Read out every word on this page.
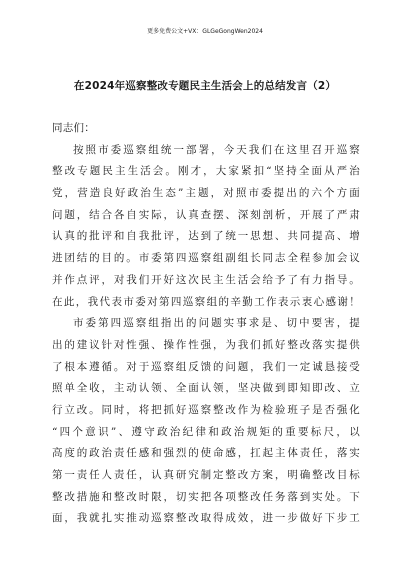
更多免费公文+VX：GLGeGongWen2024
在2024年巡察整改专题民主生活会上的总结发言（2）
同志们：
按照市委巡察组统一部署，今天我们在这里召开巡察
整改专题民主生活会。刚才，大家紧扣“坚持全面从严治
党，营造良好政治生态”主题，对照市委提出的六个方面
问题，结合各自实际，认真查摆、深刻剖析，开展了严肃
认真的批评和自我批评，达到了统一思想、共同提高、增
进团结的目的。市委第四巡察组副组长同志全程参加会议
并作点评，对我们开好这次民主生活会给予了有力指导。
在此，我代表市委对第四巡察组的辛勤工作表示衷心感谢！
市委第四巡察组指出的问题实事求是、切中要害，提
出的建议针对性强、操作性强，为我们抓好整改落实提供
了根本遵循。对于巡察组反馈的问题，我们一定诚恳接受
照单全收，主动认领、全面认领，坚决做到即知即改、立
行立改。同时，将把抓好巡察整改作为检验班子是否强化
“四个意识”、遵守政治纪律和政治规矩的重要标尺，以
高度的政治责任感和强烈的使命感，扛起主体责任，落实
第一责任人责任，认真研究制定整改方案，明确整改目标
整改措施和整改时限，切实把各项整改任务落到实处。下
面，我就扎实推动巡察整改取得成效，进一步做好下步工
